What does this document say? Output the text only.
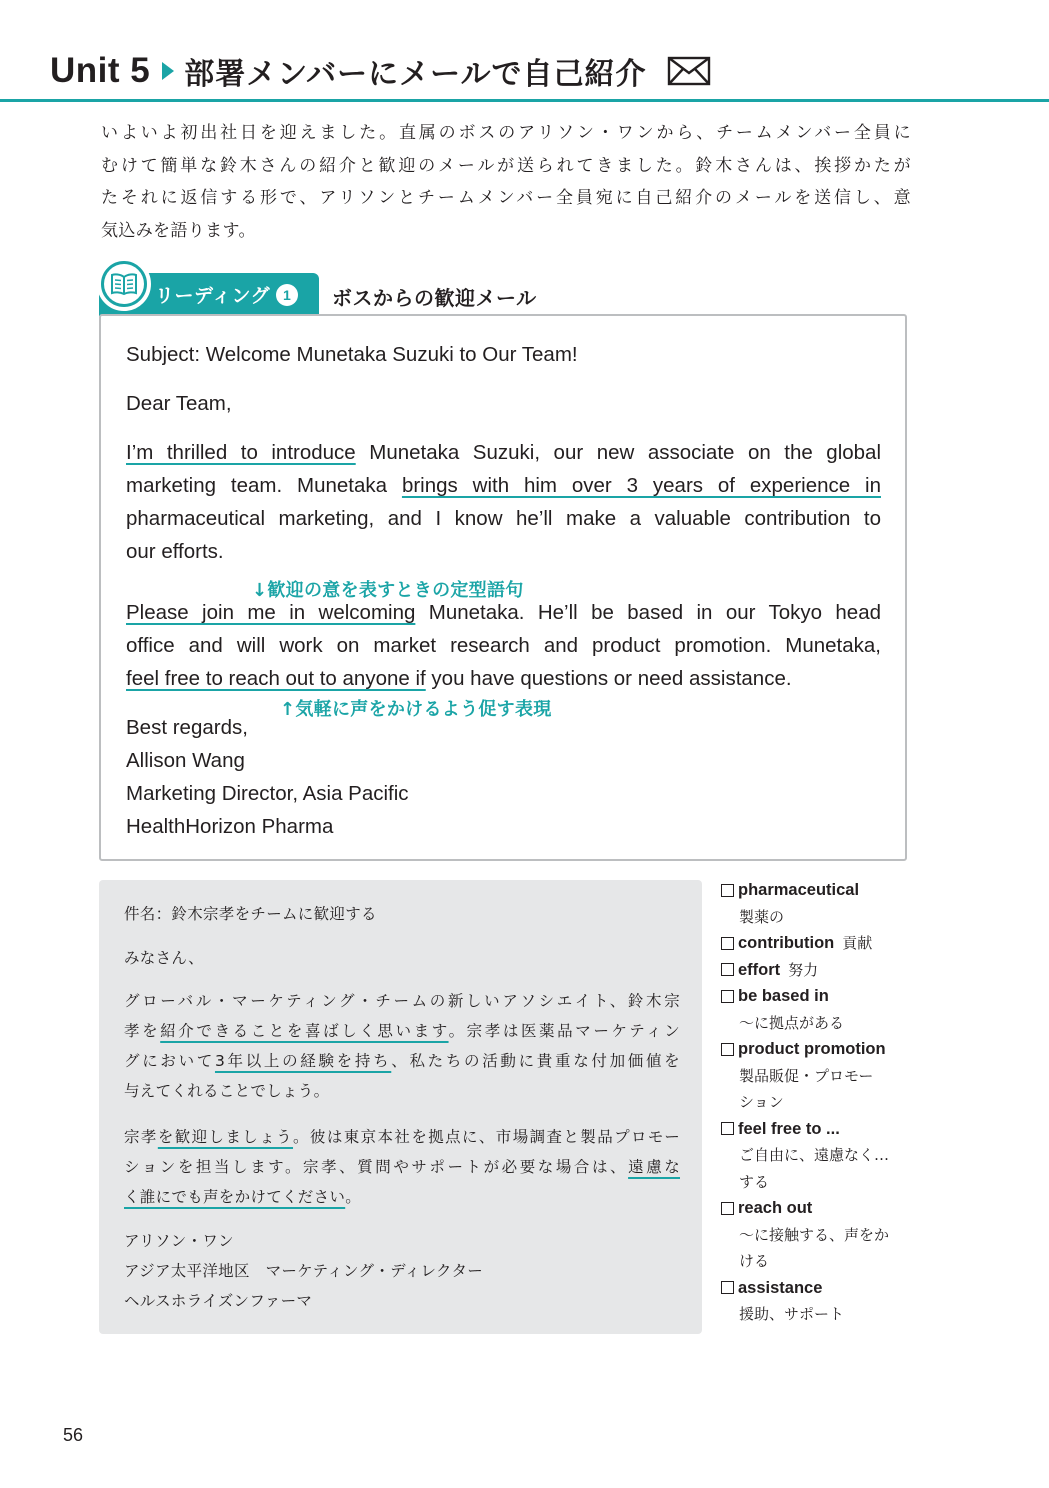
Unit 5 部署メンバーにメールで自己紹介
いよいよ初出社日を迎えました。直属のボスのアリソン・ワンから、チームメンバー全員に
むけて簡単な鈴木さんの紹介と歓迎のメールが送られてきました。鈴木さんは、挨拶かたが
たそれに返信する形で、アリソンとチームメンバー全員宛に自己紹介のメールを送信し、意
気込みを語ります。
リーディング 1	ボスからの歓迎メール
Subject: Welcome Munetaka Suzuki to Our Team!
Dear Team,
I’m thrilled to introduce Munetaka Suzuki, our new associate on the global
marketing team. Munetaka brings with him over 3 years of experience in
pharmaceutical marketing, and I know he’ll make a valuable contribution to
our efforts.
↓歓迎の意を表すときの定型語句
Please join me in welcoming Munetaka. He’ll be based in our Tokyo head
office and will work on market research and product promotion. Munetaka,
feel free to reach out to anyone if you have questions or need assistance.
↑気軽に声をかけるよう促す表現
Best regards,
Allison Wang
Marketing Director, Asia Pacific
HealthHorizon Pharma
件名：鈴木宗孝をチームに歓迎する
みなさん、
グローバル・マーケティング・チームの新しいアソシエイト、鈴木宗
孝を紹介できることを喜ばしく思います。宗孝は医薬品マーケティン
グにおいて3年以上の経験を持ち、私たちの活動に貴重な付加価値を
与えてくれることでしょう。
宗孝を歓迎しましょう。彼は東京本社を拠点に、市場調査と製品プロモー
ションを担当します。宗孝、質問やサポートが必要な場合は、遠慮な
く誰にでも声をかけてください。
アリソン・ワン
アジア太平洋地区　マーケティング・ディレクター
ヘルスホライズンファーマ
pharmaceutical
製薬の
contribution 貢献
effort 努力
be based in
～に拠点がある
product promotion
製品販促・プロモー
ション
feel free to ...
ご自由に、遠慮なく…
する
reach out
～に接触する、声をか
ける
assistance
援助、サポート
56
